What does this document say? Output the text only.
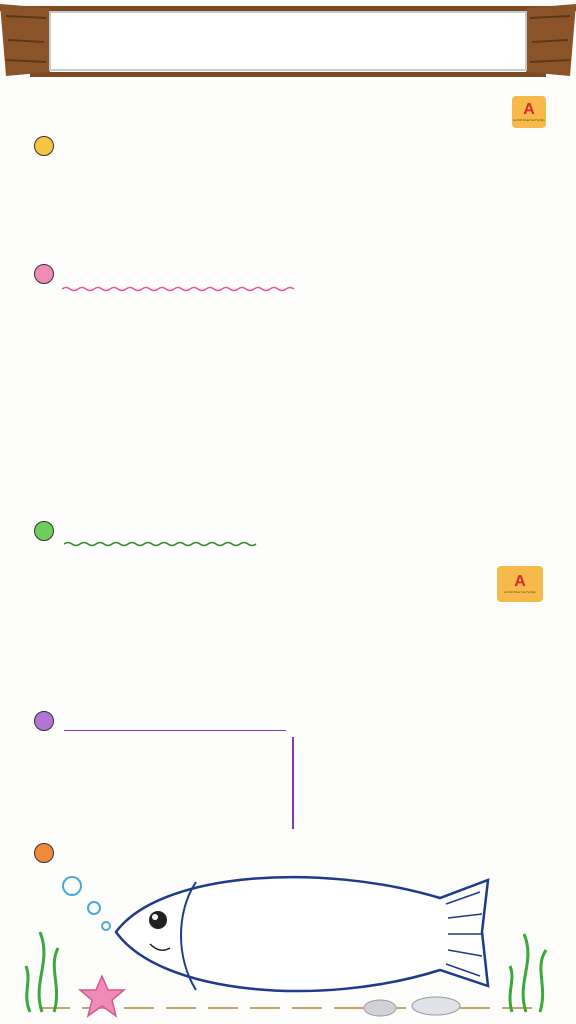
A
Archit Sharma Family
A
Archit Sharma Family
